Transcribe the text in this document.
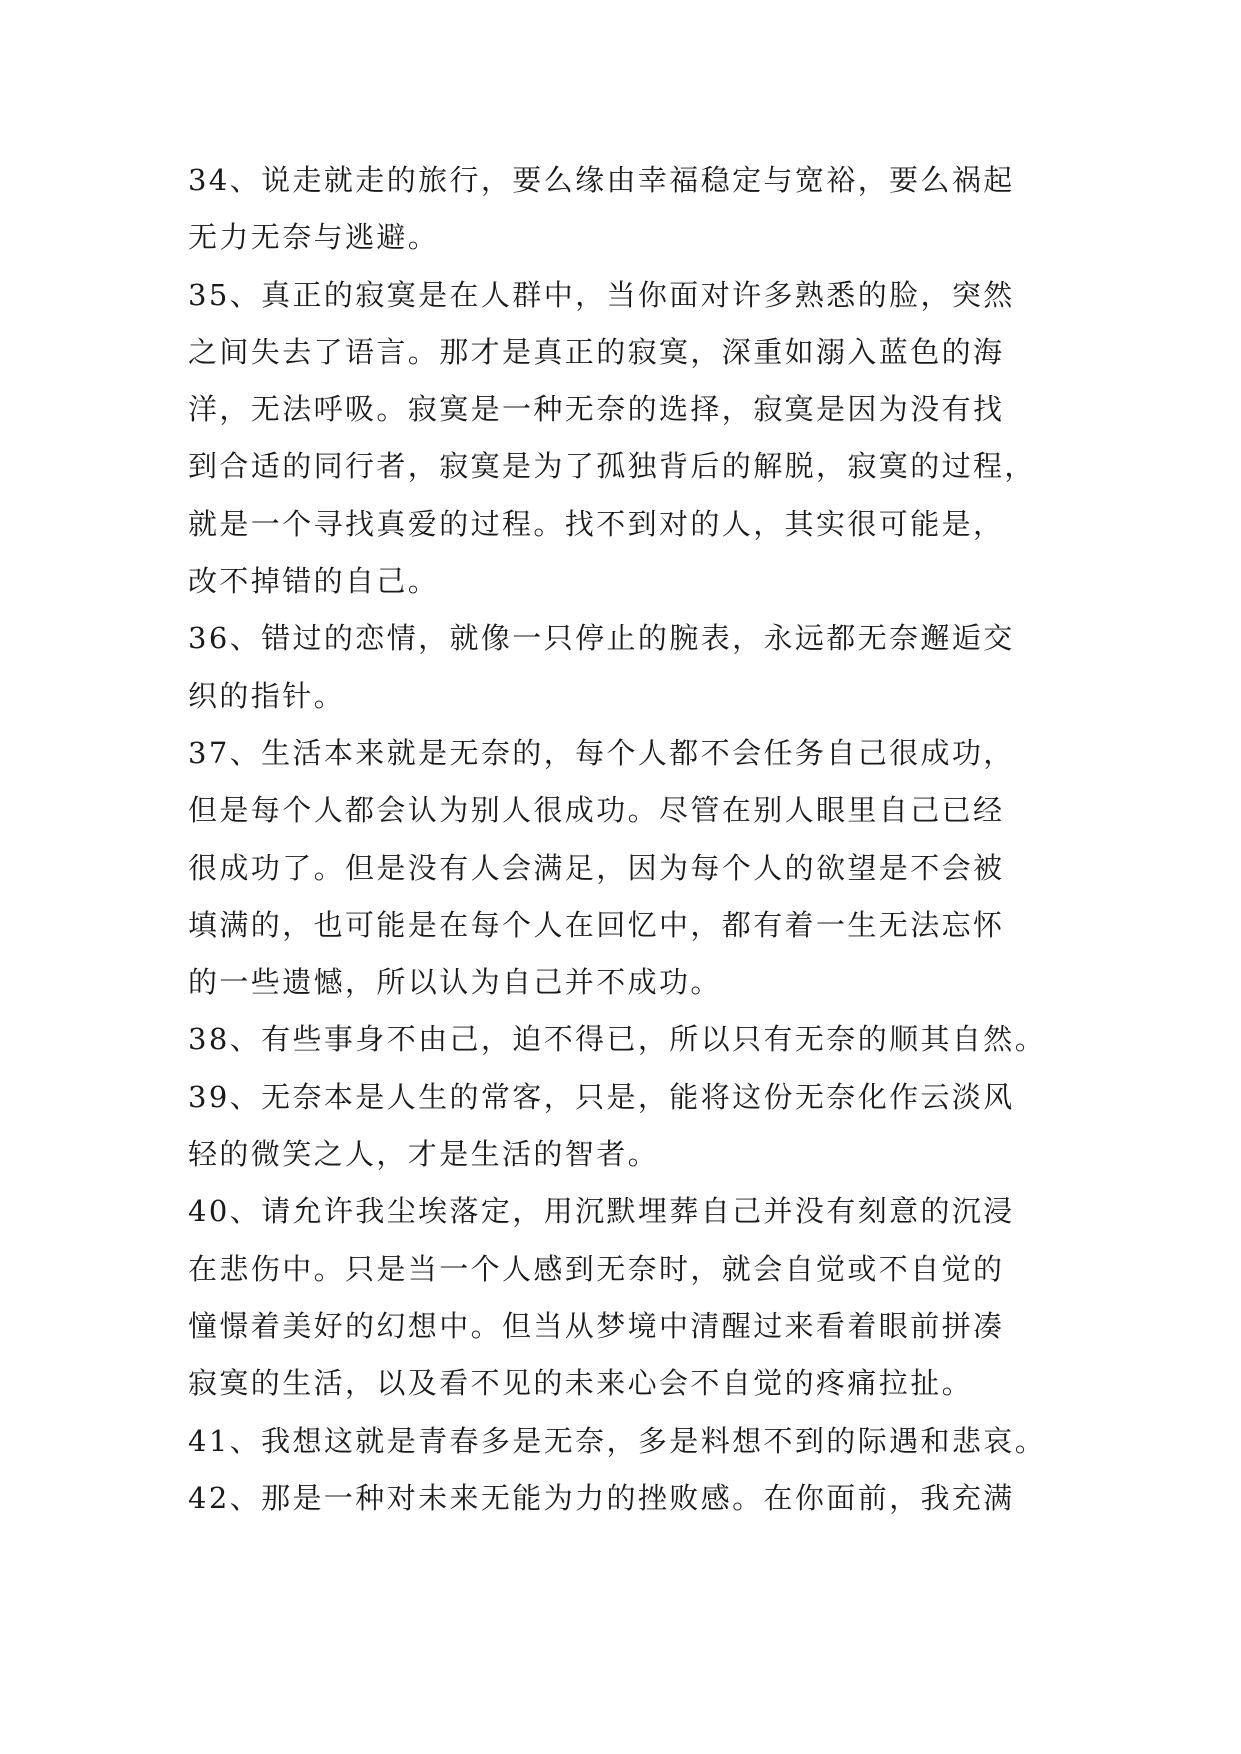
34、说走就走的旅行，要么缘由幸福稳定与宽裕，要么祸起
无力无奈与逃避。
35、真正的寂寞是在人群中，当你面对许多熟悉的脸，突然
之间失去了语言。那才是真正的寂寞，深重如溺入蓝色的海
洋，无法呼吸。寂寞是一种无奈的选择，寂寞是因为没有找
到合适的同行者，寂寞是为了孤独背后的解脱，寂寞的过程，
就是一个寻找真爱的过程。找不到对的人，其实很可能是，
改不掉错的自己。
36、错过的恋情，就像一只停止的腕表，永远都无奈邂逅交
织的指针。
37、生活本来就是无奈的，每个人都不会任务自己很成功，
但是每个人都会认为别人很成功。尽管在别人眼里自己已经
很成功了。但是没有人会满足，因为每个人的欲望是不会被
填满的，也可能是在每个人在回忆中，都有着一生无法忘怀
的一些遗憾，所以认为自己并不成功。
38、有些事身不由己，迫不得已，所以只有无奈的顺其自然。
39、无奈本是人生的常客，只是，能将这份无奈化作云淡风
轻的微笑之人，才是生活的智者。
40、请允许我尘埃落定，用沉默埋葬自己并没有刻意的沉浸
在悲伤中。只是当一个人感到无奈时，就会自觉或不自觉的
憧憬着美好的幻想中。但当从梦境中清醒过来看着眼前拼凑
寂寞的生活，以及看不见的未来心会不自觉的疼痛拉扯。
41、我想这就是青春多是无奈，多是料想不到的际遇和悲哀。
42、那是一种对未来无能为力的挫败感。在你面前，我充满
